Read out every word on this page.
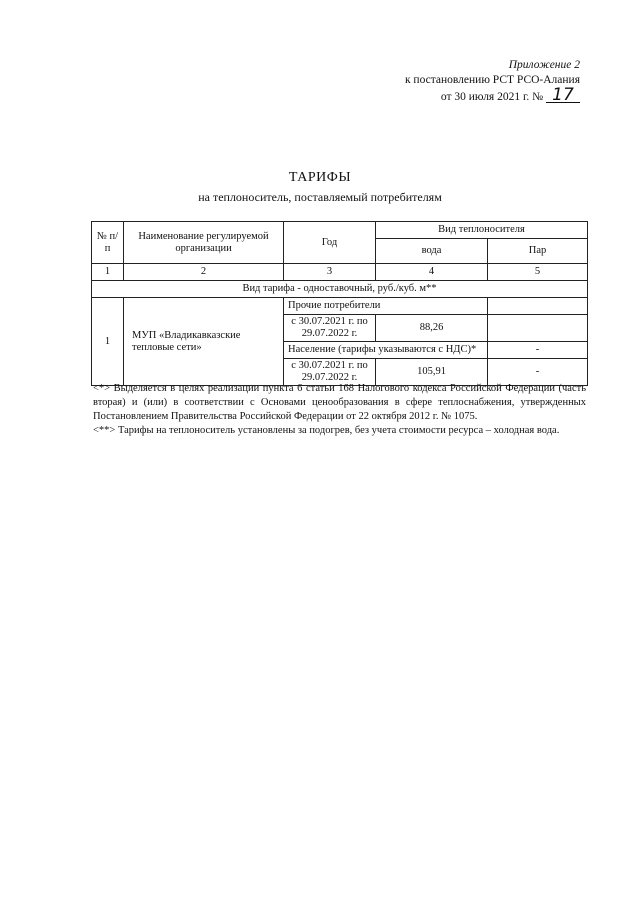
Приложение 2
к постановлению РСТ РСО-Алания
от 30 июля 2021 г. № 17
ТАРИФЫ
на теплоноситель, поставляемый потребителям
№ п/п	Наименование регулируемой организации	Год	Вид теплоносителя	
			вода	Пар
1	2	3	4	5
Вид тарифа - одноставочный, руб./куб. м**				
1	МУП «Владикавказские тепловые сети»	Прочие потребители		
		с 30.07.2021 г. по 29.07.2022 г.	88,26	
		Население (тарифы указываются с НДС)*		-
		с 30.07.2021 г. по 29.07.2022 г.	105,91	-

<*> Выделяется в целях реализации пункта 6 статьи 168 Налогового кодекса Российской Федерации (часть вторая) и (или) в соответствии с Основами ценообразования в сфере теплоснабжения, утвержденных Постановлением Правительства Российской Федерации от 22 октября 2012 г. № 1075.

<**> Тарифы на теплоноситель установлены за подогрев, без учета стоимости ресурса – холодная вода.
